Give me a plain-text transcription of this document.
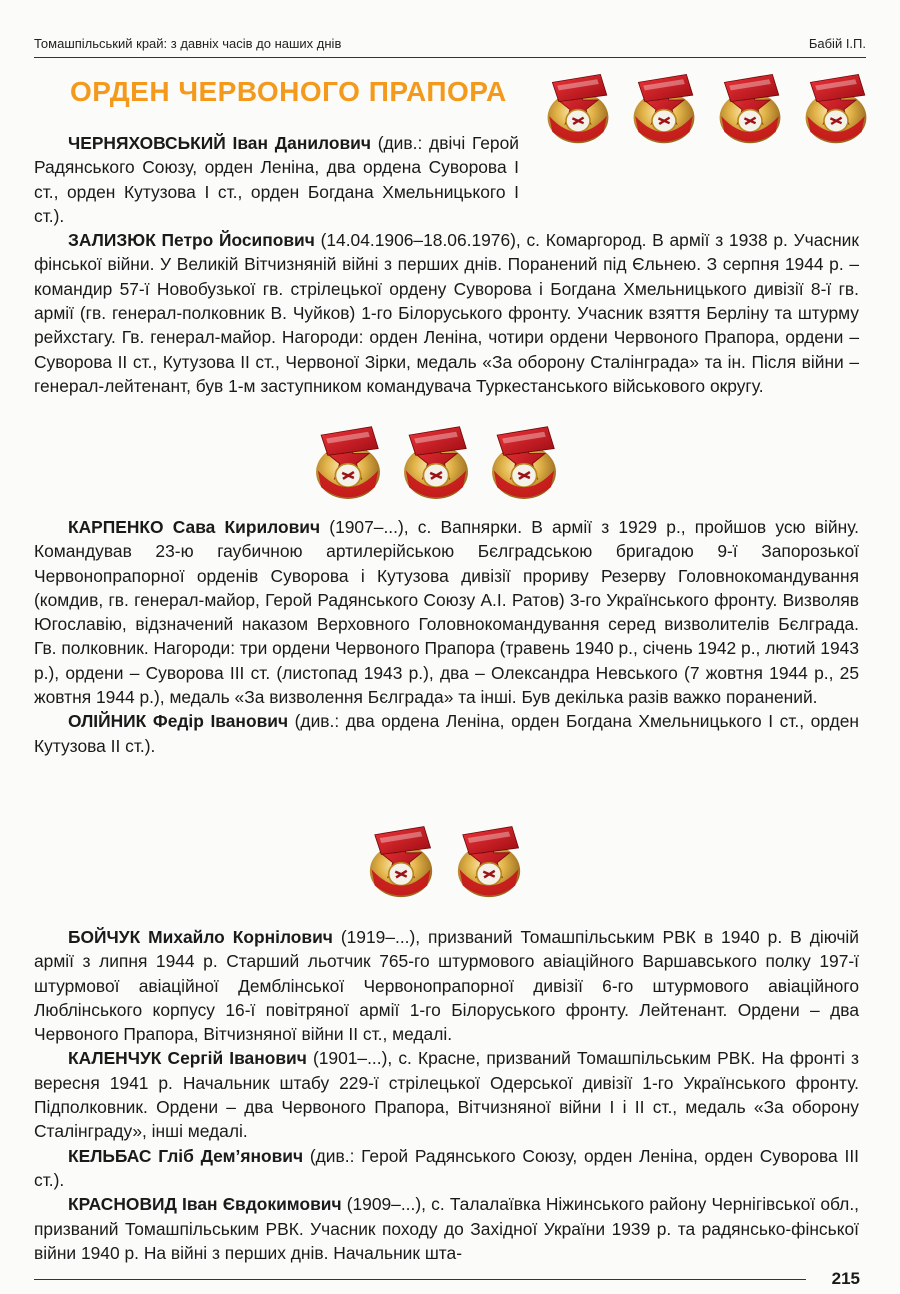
Томашпільський край: з давніх часів до наших днів	Бабій І.П.
ОРДЕН ЧЕРВОНОГО ПРАПОРА

ЧЕРНЯХОВСЬКИЙ Іван Данилович (див.: двічі Герой Радянського Союзу, орден Леніна, два ордена Суворова І ст., орден Кутузова І ст., орден Богдана Хмельницького І ст.).

ЗАЛИЗЮК Петро Йосипович (14.04.1906–18.06.1976), с. Комаргород. В армії з 1938 р. Учасник фінської війни. У Великій Вітчизняній війні з перших днів. Поранений під Єльнею. З серпня 1944 р. – командир 57-ї Новобузької гв. стрілецької ордену Суворова і Богдана Хмельницького дивізії 8-ї гв. армії (гв. генерал-полковник В. Чуйков) 1-го Білоруського фронту. Учасник взяття Берліну та штурму рейхстагу. Гв. генерал-майор. Нагороди: орден Леніна, чотири ордени Червоного Прапора, ордени – Суворова ІІ ст., Кутузова ІІ ст., Червоної Зірки, медаль «За оборону Сталінграда» та ін. Після війни – генерал-лейтенант, був 1-м заступником командувача Туркестанського військового округу.

КАРПЕНКО Сава Кирилович (1907–...), с. Вапнярки. В армії з 1929 р., пройшов усю війну. Командував 23-ю гаубичною артилерійською Бєлградською бригадою 9-ї Запорозької Червонопрапорної орденів Суворова і Кутузова дивізії прориву Резерву Головнокомандування (комдив, гв. генерал-майор, Герой Радянського Союзу А.І. Ратов) 3-го Українського фронту. Визволяв Югославію, відзначений наказом Верховного Головнокомандування серед визволителів Бєлграда. Гв. полковник. Нагороди: три ордени Червоного Прапора (травень 1940 р., січень 1942 р., лютий 1943 р.), ордени – Суворова ІІІ ст. (листопад 1943 р.), два – Олександра Невського (7 жовтня 1944 р., 25 жовтня 1944 р.), медаль «За визволення Бєлграда» та інші. Був декілька разів важко поранений.

ОЛІЙНИК Федір Іванович (див.: два ордена Леніна, орден Богдана Хмельницького І ст., орден Кутузова ІІ ст.).

БОЙЧУК Михайло Корнілович (1919–...), призваний Томашпільським РВК в 1940 р. В діючій армії з липня 1944 р. Старший льотчик 765-го штурмового авіаційного Варшавського полку 197-ї штурмової авіаційної Демблінської Червонопрапорної дивізії 6-го штурмового авіаційного Люблінського корпусу 16-ї повітряної армії 1-го Білоруського фронту. Лейтенант. Ордени – два Червоного Прапора, Вітчизняної війни ІІ ст., медалі.

КАЛЕНЧУК Сергій Іванович (1901–...), с. Красне, призваний Томашпільським РВК. На фронті з вересня 1941 р. Начальник штабу 229-ї стрілецької Одерської дивізії 1-го Українського фронту. Підполковник. Ордени – два Червоного Прапора, Вітчизняної війни І і ІІ ст., медаль «За оборону Сталінграду», інші медалі.

КЕЛЬБАС Гліб Дем’янович (див.: Герой Радянського Союзу, орден Леніна, орден Суворова ІІІ ст.).

КРАСНОВИД Іван Євдокимович (1909–...), с. Талалаївка Ніжинського району Чернігівської обл., призваний Томашпільським РВК. Учасник походу до Західної України 1939 р. та радянсько-фінської війни 1940 р. На війні з перших днів. Начальник шта-

215
